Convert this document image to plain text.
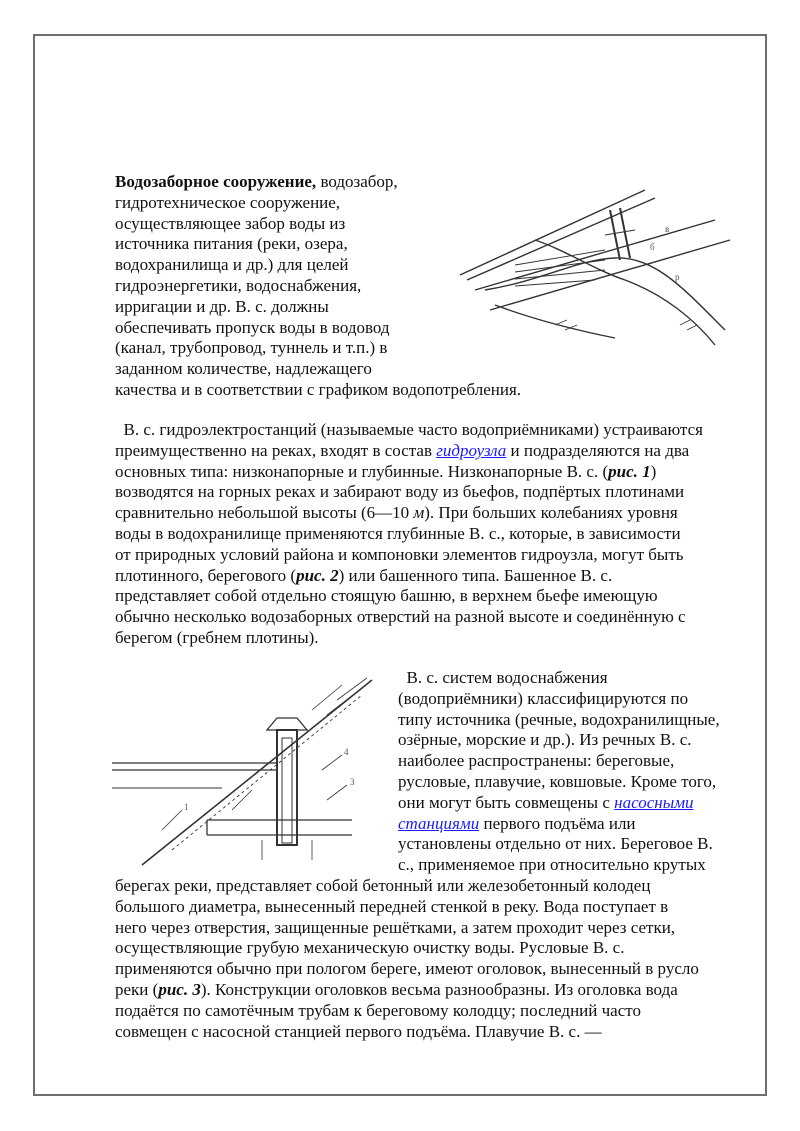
Водозаборное сооружение, водозабор,
гидротехническое сооружение,
осуществляющее забор воды из
источника питания (реки, озера,
водохранилища и др.) для целей
гидроэнергетики, водоснабжения,
ирригации и др. В. с. должны
обеспечивать пропуск воды в водовод
(канал, трубопровод, туннель и т.п.) в
заданном количестве, надлежащего
качества и в соответствии с графиком водопотребления.
б
в
р
В. с. гидроэлектростанций (называемые часто водоприёмниками) устраиваются
преимущественно на реках, входят в состав гидроузла и подразделяются на два
основных типа: низконапорные и глубинные. Низконапорные В. с. (рис. 1)
возводятся на горных реках и забирают воду из бьефов, подпёртых плотинами
сравнительно небольшой высоты (6—10 м). При больших колебаниях уровня
воды в водохранилище применяются глубинные В. с., которые, в зависимости
от природных условий района и компоновки элементов гидроузла, могут быть
плотинного, берегового (рис. 2) или башенного типа. Башенное В. с.
представляет собой отдельно стоящую башню, в верхнем бьефе имеющую
обычно несколько водозаборных отверстий на разной высоте и соединённую с
берегом (гребнем плотины).
4
3
1
В. с. систем водоснабжения
(водоприёмники) классифицируются по
типу источника (речные, водохранилищные,
озёрные, морские и др.). Из речных В. с.
наиболее распространены: береговые,
русловые, плавучие, ковшовые. Кроме того,
они могут быть совмещены с насосными
станциями первого подъёма или
установлены отдельно от них. Береговое В.
с., применяемое при относительно крутых
берегах реки, представляет собой бетонный или железобетонный колодец
большого диаметра, вынесенный передней стенкой в реку. Вода поступает в
него через отверстия, защищенные решётками, а затем проходит через сетки,
осуществляющие грубую механическую очистку воды. Русловые В. с.
применяются обычно при пологом береге, имеют оголовок, вынесенный в русло
реки (рис. 3). Конструкции оголовков весьма разнообразны. Из оголовка вода
подаётся по самотёчным трубам к береговому колодцу; последний часто
совмещен с насосной станцией первого подъёма. Плавучие В. с. —
